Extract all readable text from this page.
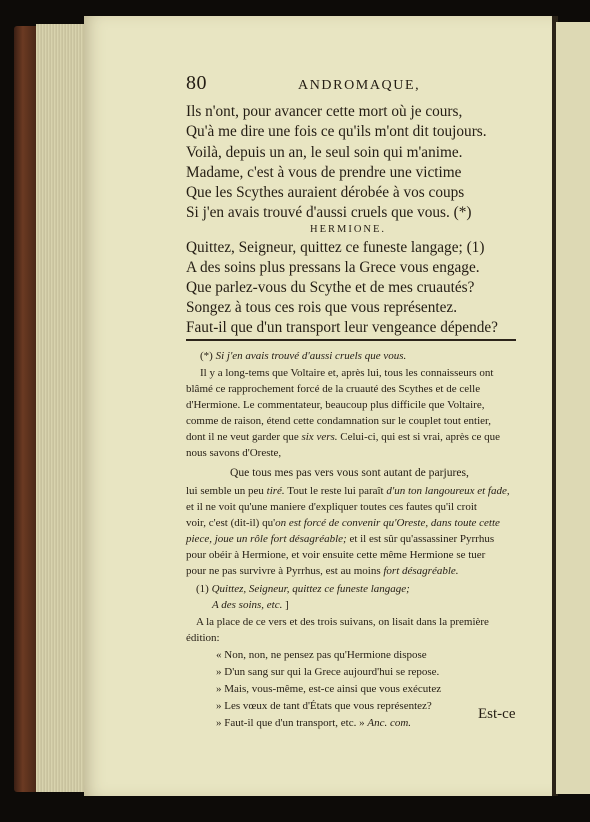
80	ANDROMAQUE,
Ils n'ont, pour avancer cette mort où je cours,
Qu'à me dire une fois ce qu'ils m'ont dit toujours.
Voilà, depuis un an, le seul soin qui m'anime.
Madame, c'est à vous de prendre une victime
Que les Scythes auraient dérobée à vos coups
Si j'en avais trouvé d'aussi cruels que vous. (*)
HERMIONE.
Quittez, Seigneur, quittez ce funeste langage; (1)
A des soins plus pressans la Grece vous engage.
Que parlez-vous du Scythe et de mes cruautés?
Songez à tous ces rois que vous représentez.
Faut-il que d'un transport leur vengeance dépende?
(*) Si j'en avais trouvé d'aussi cruels que vous.
Il y a long-tems que Voltaire et, après lui, tous les connaisseurs ont
blâmé ce rapprochement forcé de la cruauté des Scythes et de celle
d'Hermione. Le commentateur, beaucoup plus difficile que Voltaire,
comme de raison, étend cette condamnation sur le couplet tout entier,
dont il ne veut garder que six vers. Celui-ci, qui est si vrai, après ce que
nous savons d'Oreste,
Que tous mes pas vers vous sont autant de parjures,
lui semble un peu tiré. Tout le reste lui paraît d'un ton langoureux et fade,
et il ne voit qu'une maniere d'expliquer toutes ces fautes qu'il croit
voir, c'est (dit-il) qu'on est forcé de convenir qu'Oreste, dans toute cette
piece, joue un rôle fort désagréable; et il est sûr qu'assassiner Pyrrhus
pour obéir à Hermione, et voir ensuite cette même Hermione se tuer
pour ne pas survivre à Pyrrhus, est au moins fort désagréable.
(1) Quittez, Seigneur, quittez ce funeste langage;
A des soins, etc. ]
A la place de ce vers et des trois suivans, on lisait dans la première
édition:
« Non, non, ne pensez pas qu'Hermione dispose
» D'un sang sur qui la Grece aujourd'hui se repose.
» Mais, vous-même, est-ce ainsi que vous exécutez
» Les vœux de tant d'États que vous représentez?
» Faut-il que d'un transport, etc. » Anc. com.
Est-ce
